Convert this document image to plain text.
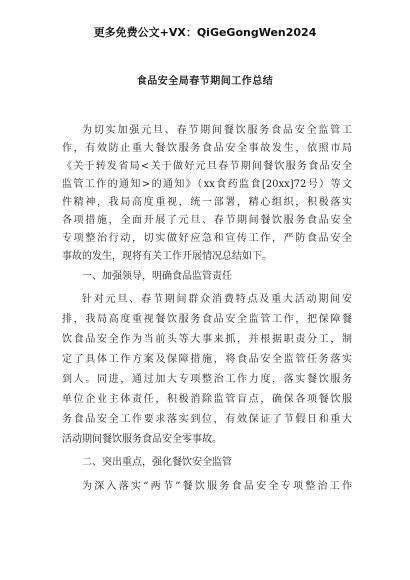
更多免费公文+VX：QiGeGongWen2024
食品安全局春节期间工作总结
为切实加强元旦、春节期间餐饮服务食品安全监管工
作，有效防止重大餐饮服务食品安全事故发生，依照市局
《关于转发省局<关于做好元旦春节期间餐饮服务食品安全
监管工作的通知>的通知》（xx食药监食[20xx]72号）等文
件精神，我局高度重视，统一部署，精心组织，积极落实
各项措施，全面开展了元旦、春节期间餐饮服务食品安全
专项整治行动，切实做好应急和宣传工作，严防食品安全
事故的发生，现将有关工作开展情况总结如下。
一、加强领导，明确食品监管责任
针对元旦、春节期间群众消费特点及重大活动期间安
排，我局高度重视餐饮服务食品安全监管工作，把保障餐
饮食品安全作为当前头等大事来抓，并根据职责分工，制
定了具体工作方案及保障措施，将食品安全监管任务落实
到人。同进，通过加大专项整治工作力度，落实餐饮服务
单位企业主体责任，积极消除监管盲点，确保各项餐饮服
务食品安全工作要求落实到位，有效保证了节假日和重大
活动期间餐饮服务食品安全零事故。
二、突出重点，强化餐饮安全监管
为深入落实“两节”餐饮服务食品安全专项整治工作
